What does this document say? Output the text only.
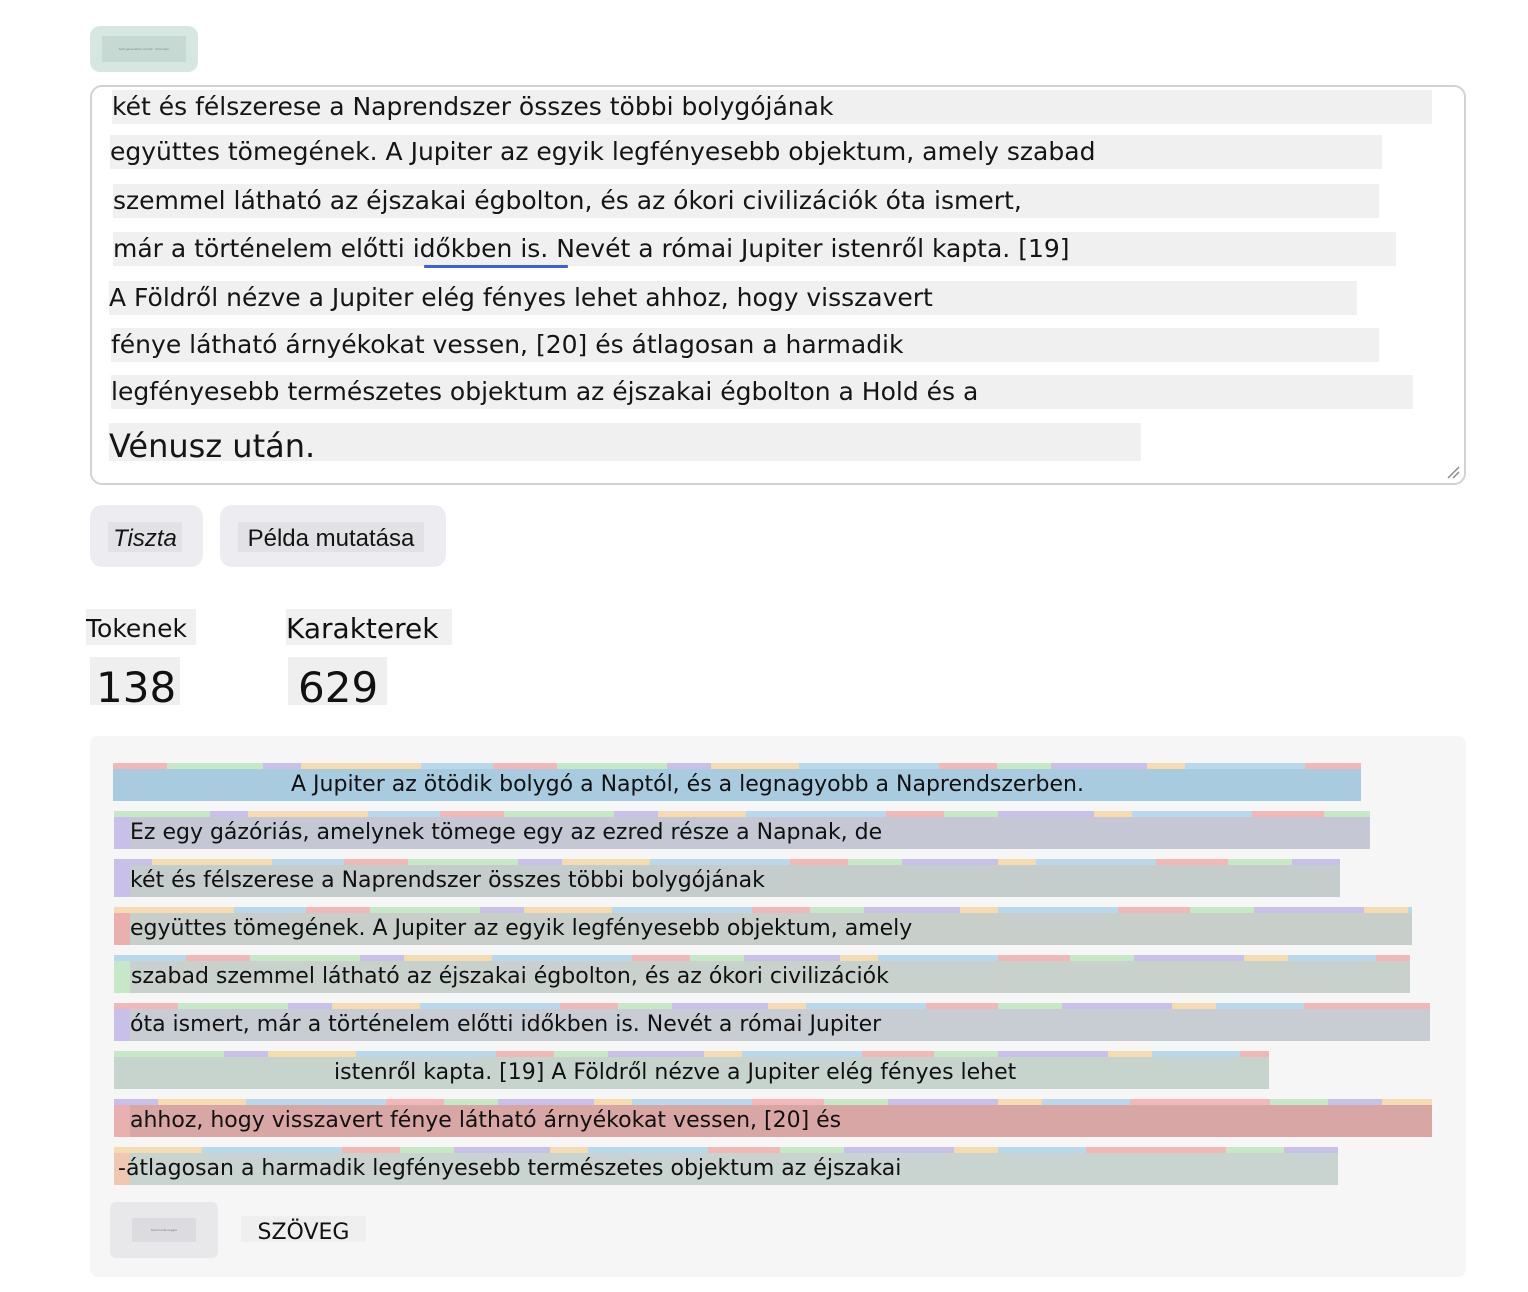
text-generation-model · tokenizer
két és félszerese a Naprendszer összes többi bolygójának
együttes tömegének. A Jupiter az egyik legfényesebb objektum, amely szabad
szemmel látható az éjszakai égbolton, és az ókori civilizációk óta ismert,
már a történelem előtti időkben is. Nevét a római Jupiter istenről kapta. [19]
A Földről nézve a Jupiter elég fényes lehet ahhoz, hogy visszavert
fénye látható árnyékokat vessen, [20] és átlagosan a harmadik
legfényesebb természetes objektum az éjszakai égbolton a Hold és a
Vénusz után.
Tiszta	Példa mutatása
Tokenek
138
Karakterek
629
A Jupiter az ötödik bolygó a Naptól, és a legnagyobb a Naprendszerben.
Ez egy gázóriás, amelynek tömege egy az ezred része a Napnak, de
két és félszerese a Naprendszer összes többi bolygójának
együttes tömegének. A Jupiter az egyik legfényesebb objektum, amely
szabad szemmel látható az éjszakai égbolton, és az ókori civilizációk
óta ismert, már a történelem előtti időkben is. Nevét a római Jupiter
istenről kapta. [19] A Földről nézve a Jupiter elég fényes lehet
ahhoz, hogy visszavert fénye látható árnyékokat vessen, [20] és
-átlagosan a harmadik legfényesebb természetes objektum az éjszakai
text-mode toggle	SZÖVEG
